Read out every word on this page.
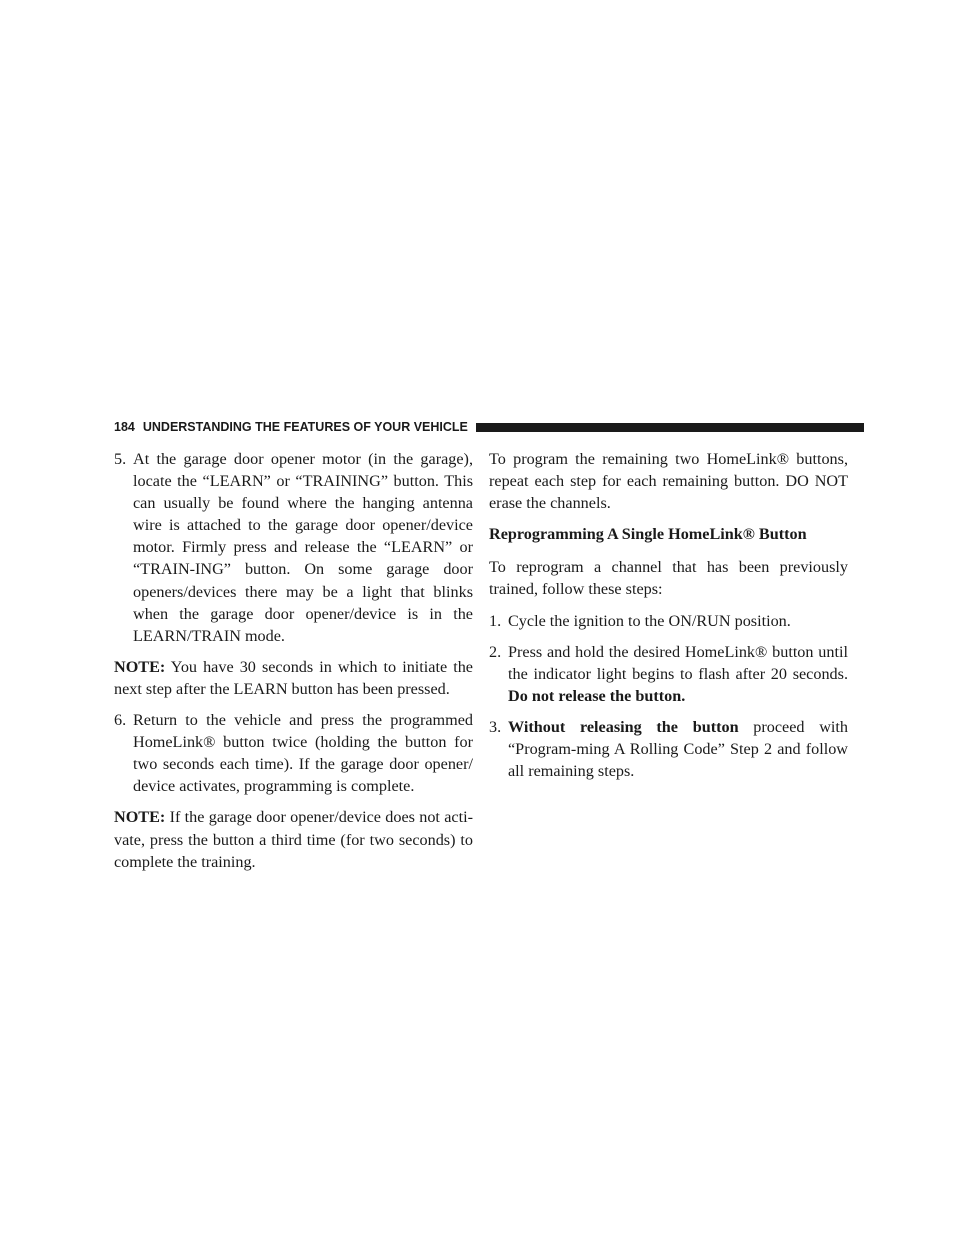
184 UNDERSTANDING THE FEATURES OF YOUR VEHICLE
5. At the garage door opener motor (in the garage), locate the “LEARN” or “TRAINING” button. This can usually be found where the hanging antenna wire is attached to the garage door opener/device motor. Firmly press and release the “LEARN” or “TRAIN-ING” button. On some garage door openers/devices there may be a light that blinks when the garage door opener/device is in the LEARN/TRAIN mode.

NOTE: You have 30 seconds in which to initiate the next step after the LEARN button has been pressed.

6. Return to the vehicle and press the programmed HomeLink® button twice (holding the button for two seconds each time). If the garage door opener/ device activates, programming is complete.

NOTE: If the garage door opener/device does not acti-vate, press the button a third time (for two seconds) to complete the training.

To program the remaining two HomeLink® buttons, repeat each step for each remaining button. DO NOT erase the channels.

Reprogramming A Single HomeLink® Button

To reprogram a channel that has been previously trained, follow these steps:

1. Cycle the ignition to the ON/RUN position.
2. Press and hold the desired HomeLink® button until the indicator light begins to flash after 20 seconds. Do not release the button.
3. Without releasing the button proceed with “Program-ming A Rolling Code” Step 2 and follow all remaining steps.
